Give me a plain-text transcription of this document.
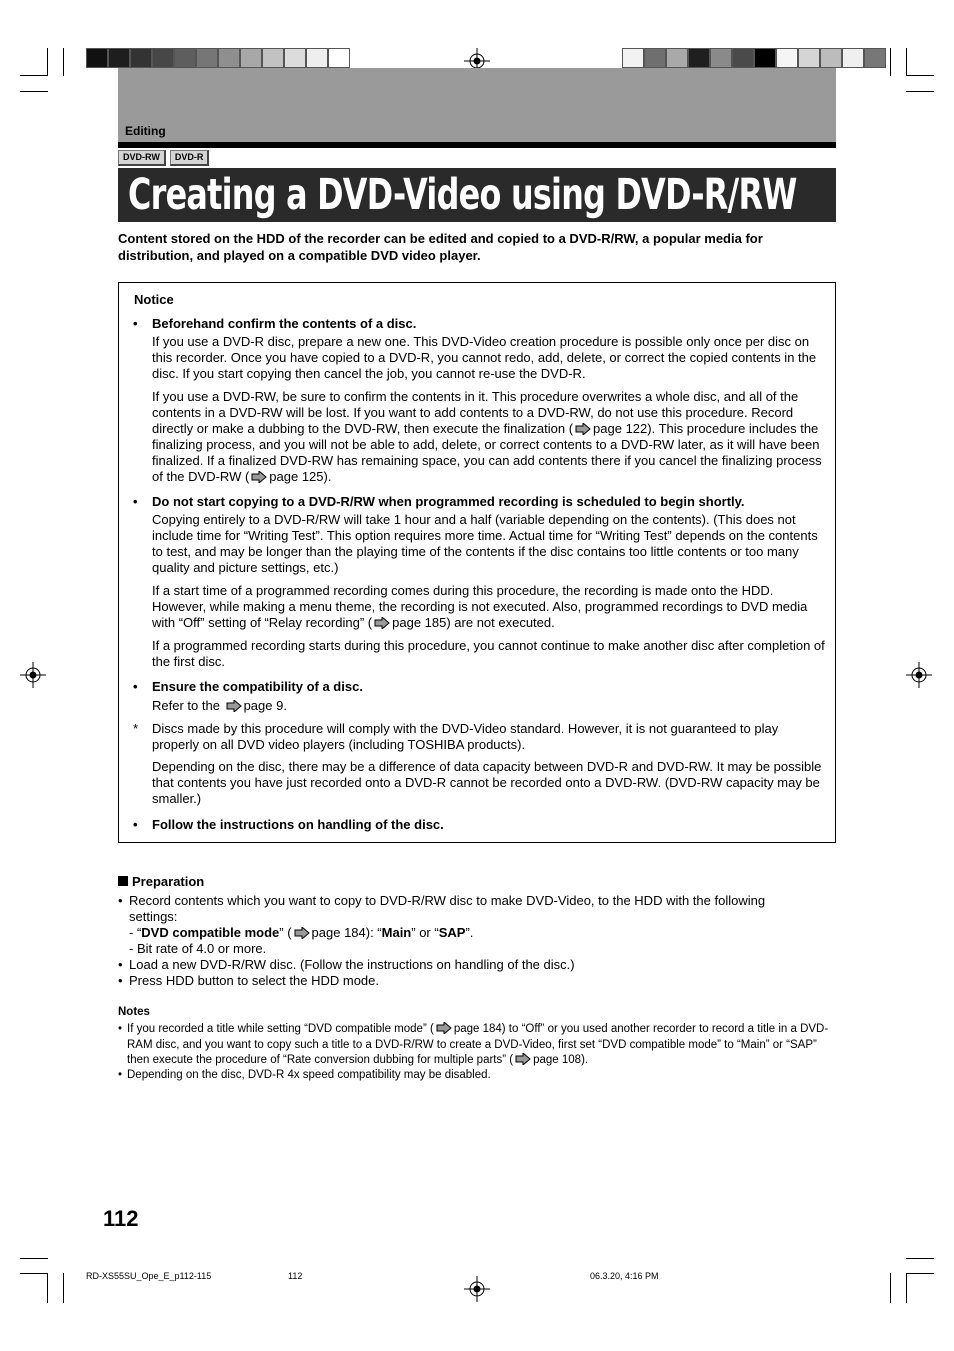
Editing
DVD-RW	DVD-R
Creating a DVD-Video using DVD-R/RW
Content stored on the HDD of the recorder can be edited and copied to a DVD-R/RW, a popular media for distribution, and played on a compatible DVD video player.
Notice
• Beforehand confirm the contents of a disc.
If you use a DVD-R disc, prepare a new one. This DVD-Video creation procedure is possible only once per disc on this recorder. Once you have copied to a DVD-R, you cannot redo, add, delete, or correct the copied contents in the disc. If you start copying then cancel the job, you cannot re-use the DVD-R.
If you use a DVD-RW, be sure to confirm the contents in it. This procedure overwrites a whole disc, and all of the contents in a DVD-RW will be lost. If you want to add contents to a DVD-RW, do not use this procedure. Record directly or make a dubbing to the DVD-RW, then execute the finalization ( page 122). This procedure includes the finalizing process, and you will not be able to add, delete, or correct contents to a DVD-RW later, as it will have been finalized. If a finalized DVD-RW has remaining space, you can add contents there if you cancel the finalizing process of the DVD-RW ( page 125).
• Do not start copying to a DVD-R/RW when programmed recording is scheduled to begin shortly.
Copying entirely to a DVD-R/RW will take 1 hour and a half (variable depending on the contents). (This does not include time for “Writing Test”. This option requires more time. Actual time for “Writing Test” depends on the contents to test, and may be longer than the playing time of the contents if the disc contains too little contents or too many quality and picture settings, etc.)
If a start time of a programmed recording comes during this procedure, the recording is made onto the HDD. However, while making a menu theme, the recording is not executed. Also, programmed recordings to DVD media with “Off” setting of “Relay recording” ( page 185) are not executed.
If a programmed recording starts during this procedure, you cannot continue to make another disc after completion of the first disc.
• Ensure the compatibility of a disc.
Refer to the page 9.
* Discs made by this procedure will comply with the DVD-Video standard. However, it is not guaranteed to play properly on all DVD video players (including TOSHIBA products).
Depending on the disc, there may be a difference of data capacity between DVD-R and DVD-RW. It may be possible that contents you have just recorded onto a DVD-R cannot be recorded onto a DVD-RW. (DVD-RW capacity may be smaller.)
• Follow the instructions on handling of the disc.
Preparation
• Record contents which you want to copy to DVD-R/RW disc to make DVD-Video, to the HDD with the following
settings:
- “DVD compatible mode” ( page 184): “Main” or “SAP”.
- Bit rate of 4.0 or more.
• Load a new DVD-R/RW disc. (Follow the instructions on handling of the disc.)
• Press HDD button to select the HDD mode.
Notes
• If you recorded a title while setting “DVD compatible mode” ( page 184) to “Off” or you used another recorder to record a title in a DVD-RAM disc, and you want to copy such a title to a DVD-R/RW to create a DVD-Video, first set “DVD compatible mode” to “Main” or “SAP” then execute the procedure of “Rate conversion dubbing for multiple parts” ( page 108).
• Depending on the disc, DVD-R 4x speed compatibility may be disabled.
112
RD-XS55SU_Ope_E_p112-115	112	06.3.20, 4:16 PM
